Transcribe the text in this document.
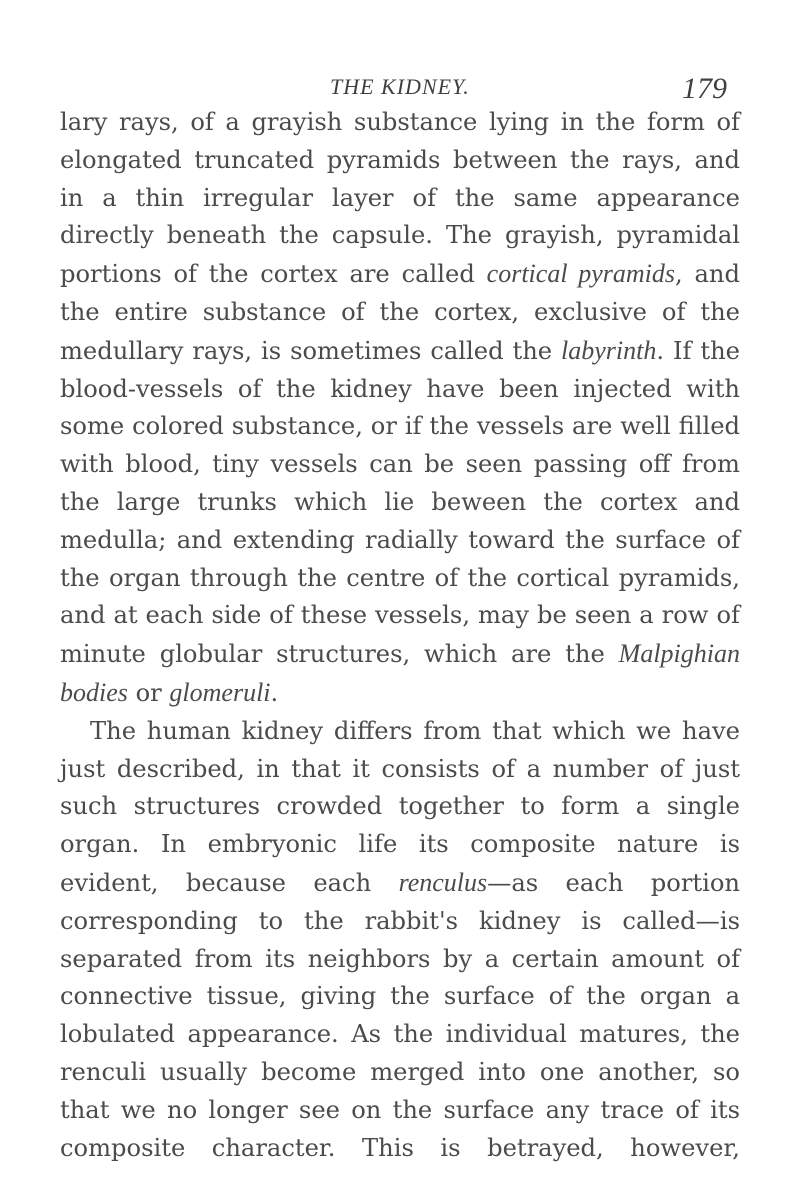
THE KIDNEY.	179

lary rays, of a grayish substance lying in the form of elongated truncated pyramids between the rays, and in a thin irregular layer of the same appearance directly beneath the capsule. The grayish, pyramidal portions of the cortex are called cortical pyramids, and the entire substance of the cortex, exclusive of the medullary rays, is sometimes called the labyrinth. If the blood-vessels of the kidney have been injected with some colored substance, or if the vessels are well filled with blood, tiny vessels can be seen passing off from the large trunks which lie beween the cortex and medulla; and extending radially toward the surface of the organ through the centre of the cortical pyramids, and at each side of these vessels, may be seen a row of minute globular structures, which are the Malpighian bodies or glomeruli.

The human kidney differs from that which we have just described, in that it consists of a number of just such structures crowded together to form a single organ. In embryonic life its composite nature is evident, because each renculus—as each portion corresponding to the rabbit's kidney is called—is separated from its neighbors by a certain amount of connective tissue, giving the surface of the organ a lobulated appearance. As the individual matures, the renculi usually become merged into one another, so that we no longer see on the surface any trace of its composite character. This is betrayed, however,
